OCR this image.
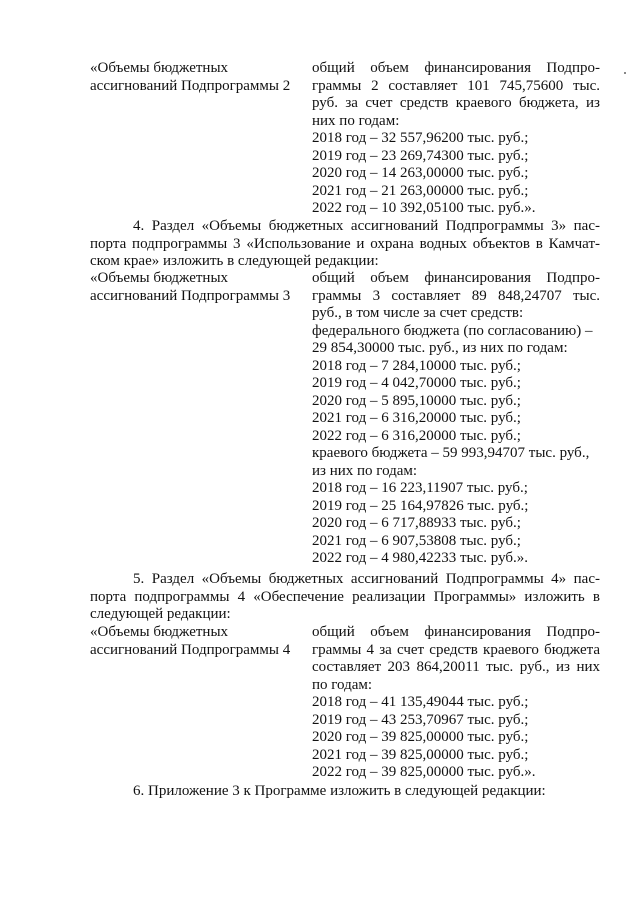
«Объемы бюджетных
ассигнований Подпрограммы 2
общий объем финансирования Подпро-
граммы 2 составляет 101 745,75600 тыс.
руб. за счет средств краевого бюджета, из
них по годам:
2018 год – 32 557,96200 тыс. руб.;
2019 год – 23 269,74300 тыс. руб.;
2020 год – 14 263,00000 тыс. руб.;
2021 год – 21 263,00000 тыс. руб.;
2022 год – 10 392,05100 тыс. руб.».
4. Раздел «Объемы бюджетных ассигнований Подпрограммы 3» пас-
порта подпрограммы 3 «Использование и охрана водных объектов в Камчат-
ском крае» изложить в следующей редакции:
«Объемы бюджетных
ассигнований Подпрограммы 3
общий объем финансирования Подпро-
граммы 3 составляет 89 848,24707 тыс.
руб., в том числе за счет средств:
федерального бюджета (по согласованию) –
29 854,30000 тыс. руб., из них по годам:
2018 год – 7 284,10000 тыс. руб.;
2019 год – 4 042,70000 тыс. руб.;
2020 год – 5 895,10000 тыс. руб.;
2021 год – 6 316,20000 тыс. руб.;
2022 год – 6 316,20000 тыс. руб.;
краевого бюджета – 59 993,94707 тыс. руб.,
из них по годам:
2018 год – 16 223,11907 тыс. руб.;
2019 год – 25 164,97826 тыс. руб.;
2020 год – 6 717,88933 тыс. руб.;
2021 год – 6 907,53808 тыс. руб.;
2022 год – 4 980,42233 тыс. руб.».
5. Раздел «Объемы бюджетных ассигнований Подпрограммы 4» пас-
порта подпрограммы 4 «Обеспечение реализации Программы» изложить в
следующей редакции:
«Объемы бюджетных
ассигнований Подпрограммы 4
общий объем финансирования Подпро-
граммы 4 за счет средств краевого бюджета
составляет 203 864,20011 тыс. руб., из них
по годам:
2018 год – 41 135,49044 тыс. руб.;
2019 год – 43 253,70967 тыс. руб.;
2020 год – 39 825,00000 тыс. руб.;
2021 год – 39 825,00000 тыс. руб.;
2022 год – 39 825,00000 тыс. руб.».
6. Приложение 3 к Программе изложить в следующей редакции:
